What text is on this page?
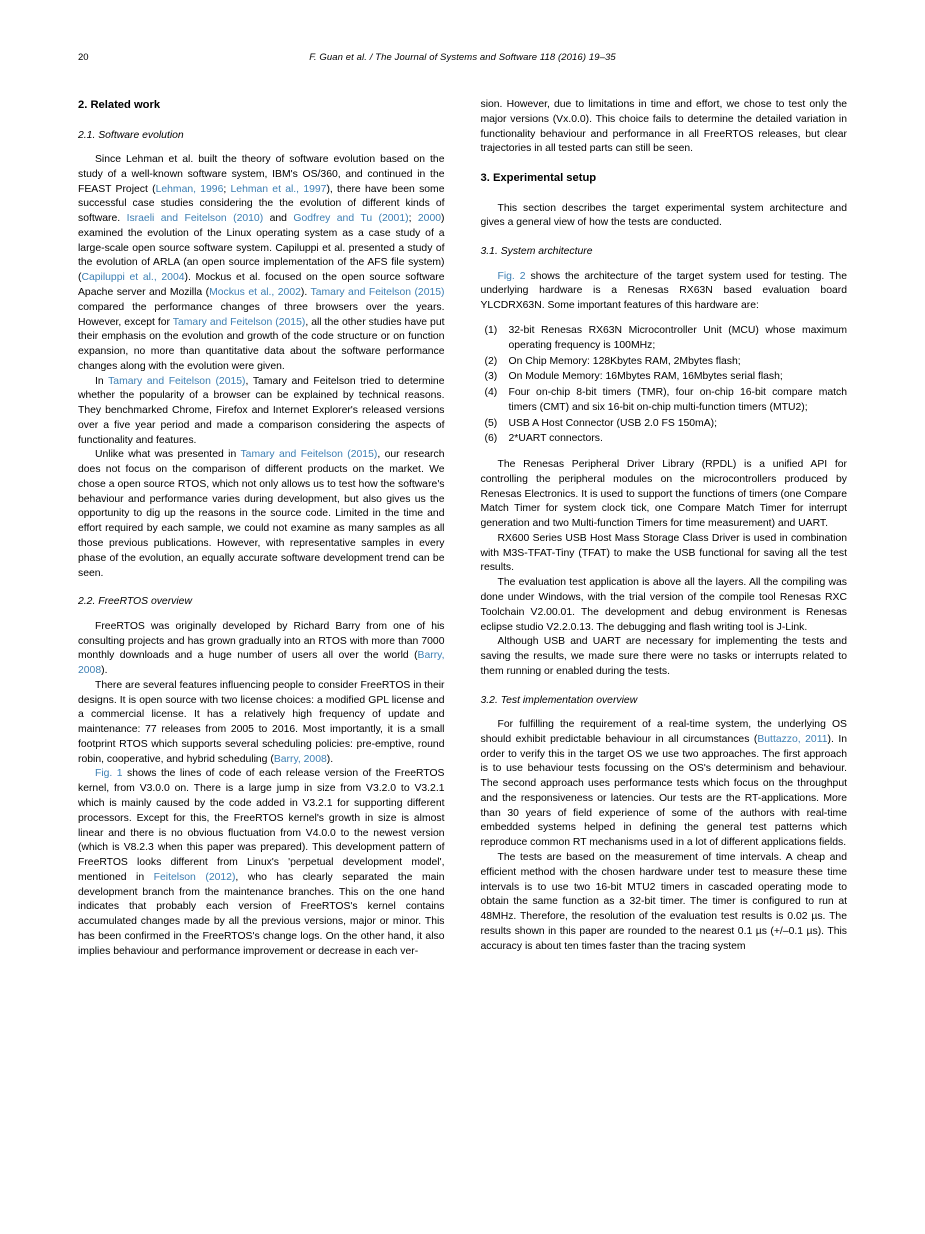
20	F. Guan et al. / The Journal of Systems and Software 118 (2016) 19–35
2. Related work
2.1. Software evolution

Since Lehman et al. built the theory of software evolution based on the study of a well-known software system, IBM's OS/360, and continued in the FEAST Project (Lehman, 1996; Lehman et al., 1997), there have been some successful case studies considering the the evolution of different kinds of software. Israeli and Feitelson (2010) and Godfrey and Tu (2001); 2000) examined the evolution of the Linux operating system as a case study of a large-scale open source software system. Capiluppi et al. presented a study of the evolution of ARLA (an open source implementation of the AFS file system) (Capiluppi et al., 2004). Mockus et al. focused on the open source software Apache server and Mozilla (Mockus et al., 2002). Tamary and Feitelson (2015) compared the performance changes of three browsers over the years. However, except for Tamary and Feitelson (2015), all the other studies have put their emphasis on the evolution and growth of the code structure or on function expansion, no more than quantitative data about the software performance changes along with the evolution were given.

In Tamary and Feitelson (2015), Tamary and Feitelson tried to determine whether the popularity of a browser can be explained by technical reasons. They benchmarked Chrome, Firefox and Internet Explorer's released versions over a five year period and made a comparison considering the aspects of functionality and features.

Unlike what was presented in Tamary and Feitelson (2015), our research does not focus on the comparison of different products on the market. We chose a open source RTOS, which not only allows us to test how the software's behaviour and performance varies during development, but also gives us the opportunity to dig up the reasons in the source code. Limited in the time and effort required by each sample, we could not examine as many samples as all those previous publications. However, with representative samples in every phase of the evolution, an equally accurate software development trend can be seen.

2.2. FreeRTOS overview

FreeRTOS was originally developed by Richard Barry from one of his consulting projects and has grown gradually into an RTOS with more than 7000 monthly downloads and a huge number of users all over the world (Barry, 2008).

There are several features influencing people to consider FreeRTOS in their designs. It is open source with two license choices: a modified GPL license and a commercial license. It has a relatively high frequency of update and maintenance: 77 releases from 2005 to 2016. Most importantly, it is a small footprint RTOS which supports several scheduling policies: pre-emptive, round robin, cooperative, and hybrid scheduling (Barry, 2008).

Fig. 1 shows the lines of code of each release version of the FreeRTOS kernel, from V3.0.0 on. There is a large jump in size from V3.2.0 to V3.2.1 which is mainly caused by the code added in V3.2.1 for supporting different processors. Except for this, the FreeRTOS kernel's growth in size is almost linear and there is no obvious fluctuation from V4.0.0 to the newest version (which is V8.2.3 when this paper was prepared). This development pattern of FreeRTOS looks different from Linux's 'perpetual development model', mentioned in Feitelson (2012), who has clearly separated the main development branch from the maintenance branches. This on the one hand indicates that probably each version of FreeRTOS's kernel contains accumulated changes made by all the previous versions, major or minor. This has been confirmed in the FreeRTOS's change logs. On the other hand, it also implies behaviour and performance improvement or decrease in each ver-

sion. However, due to limitations in time and effort, we chose to test only the major versions (Vx.0.0). This choice fails to determine the detailed variation in functionality behaviour and performance in all FreeRTOS releases, but clear trajectories in all tested parts can still be seen.

3. Experimental setup

This section describes the target experimental system architecture and gives a general view of how the tests are conducted.

3.1. System architecture

Fig. 2 shows the architecture of the target system used for testing. The underlying hardware is a Renesas RX63N based evaluation board YLCDRX63N. Some important features of this hardware are:

(1) 32-bit Renesas RX63N Microcontroller Unit (MCU) whose maximum operating frequency is 100MHz;
(2) On Chip Memory: 128Kbytes RAM, 2Mbytes flash;
(3) On Module Memory: 16Mbytes RAM, 16Mbytes serial flash;
(4) Four on-chip 8-bit timers (TMR), four on-chip 16-bit compare match timers (CMT) and six 16-bit on-chip multi-function timers (MTU2);
(5) USB A Host Connector (USB 2.0 FS 150mA);
(6) 2*UART connectors.

The Renesas Peripheral Driver Library (RPDL) is a unified API for controlling the peripheral modules on the microcontrollers produced by Renesas Electronics. It is used to support the functions of timers (one Compare Match Timer for system clock tick, one Compare Match Timer for interrupt generation and two Multi-function Timers for time measurement) and UART.

RX600 Series USB Host Mass Storage Class Driver is used in combination with M3S-TFAT-Tiny (TFAT) to make the USB functional for saving all the test results.

The evaluation test application is above all the layers. All the compiling was done under Windows, with the trial version of the compile tool Renesas RXC Toolchain V2.00.01. The development and debug environment is Renesas eclipse studio V2.2.0.13. The debugging and flash writing tool is J-Link.

Although USB and UART are necessary for implementing the tests and saving the results, we made sure there were no tasks or interrupts related to them running or enabled during the tests.

3.2. Test implementation overview

For fulfilling the requirement of a real-time system, the underlying OS should exhibit predictable behaviour in all circumstances (Buttazzo, 2011). In order to verify this in the target OS we use two approaches. The first approach is to use behaviour tests focussing on the OS's determinism and behaviour. The second approach uses performance tests which focus on the throughput and the responsiveness or latencies. Our tests are the RT-applications. More than 30 years of field experience of some of the authors with real-time embedded systems helped in defining the general test patterns which reproduce common RT mechanisms used in a lot of different applications fields.

The tests are based on the measurement of time intervals. A cheap and efficient method with the chosen hardware under test to measure these time intervals is to use two 16-bit MTU2 timers in cascaded operating mode to obtain the same function as a 32-bit timer. The timer is configured to run at 48MHz. Therefore, the resolution of the evaluation test results is 0.02 µs. The results shown in this paper are rounded to the nearest 0.1 µs (+/–0.1 µs). This accuracy is about ten times faster than the tracing system
